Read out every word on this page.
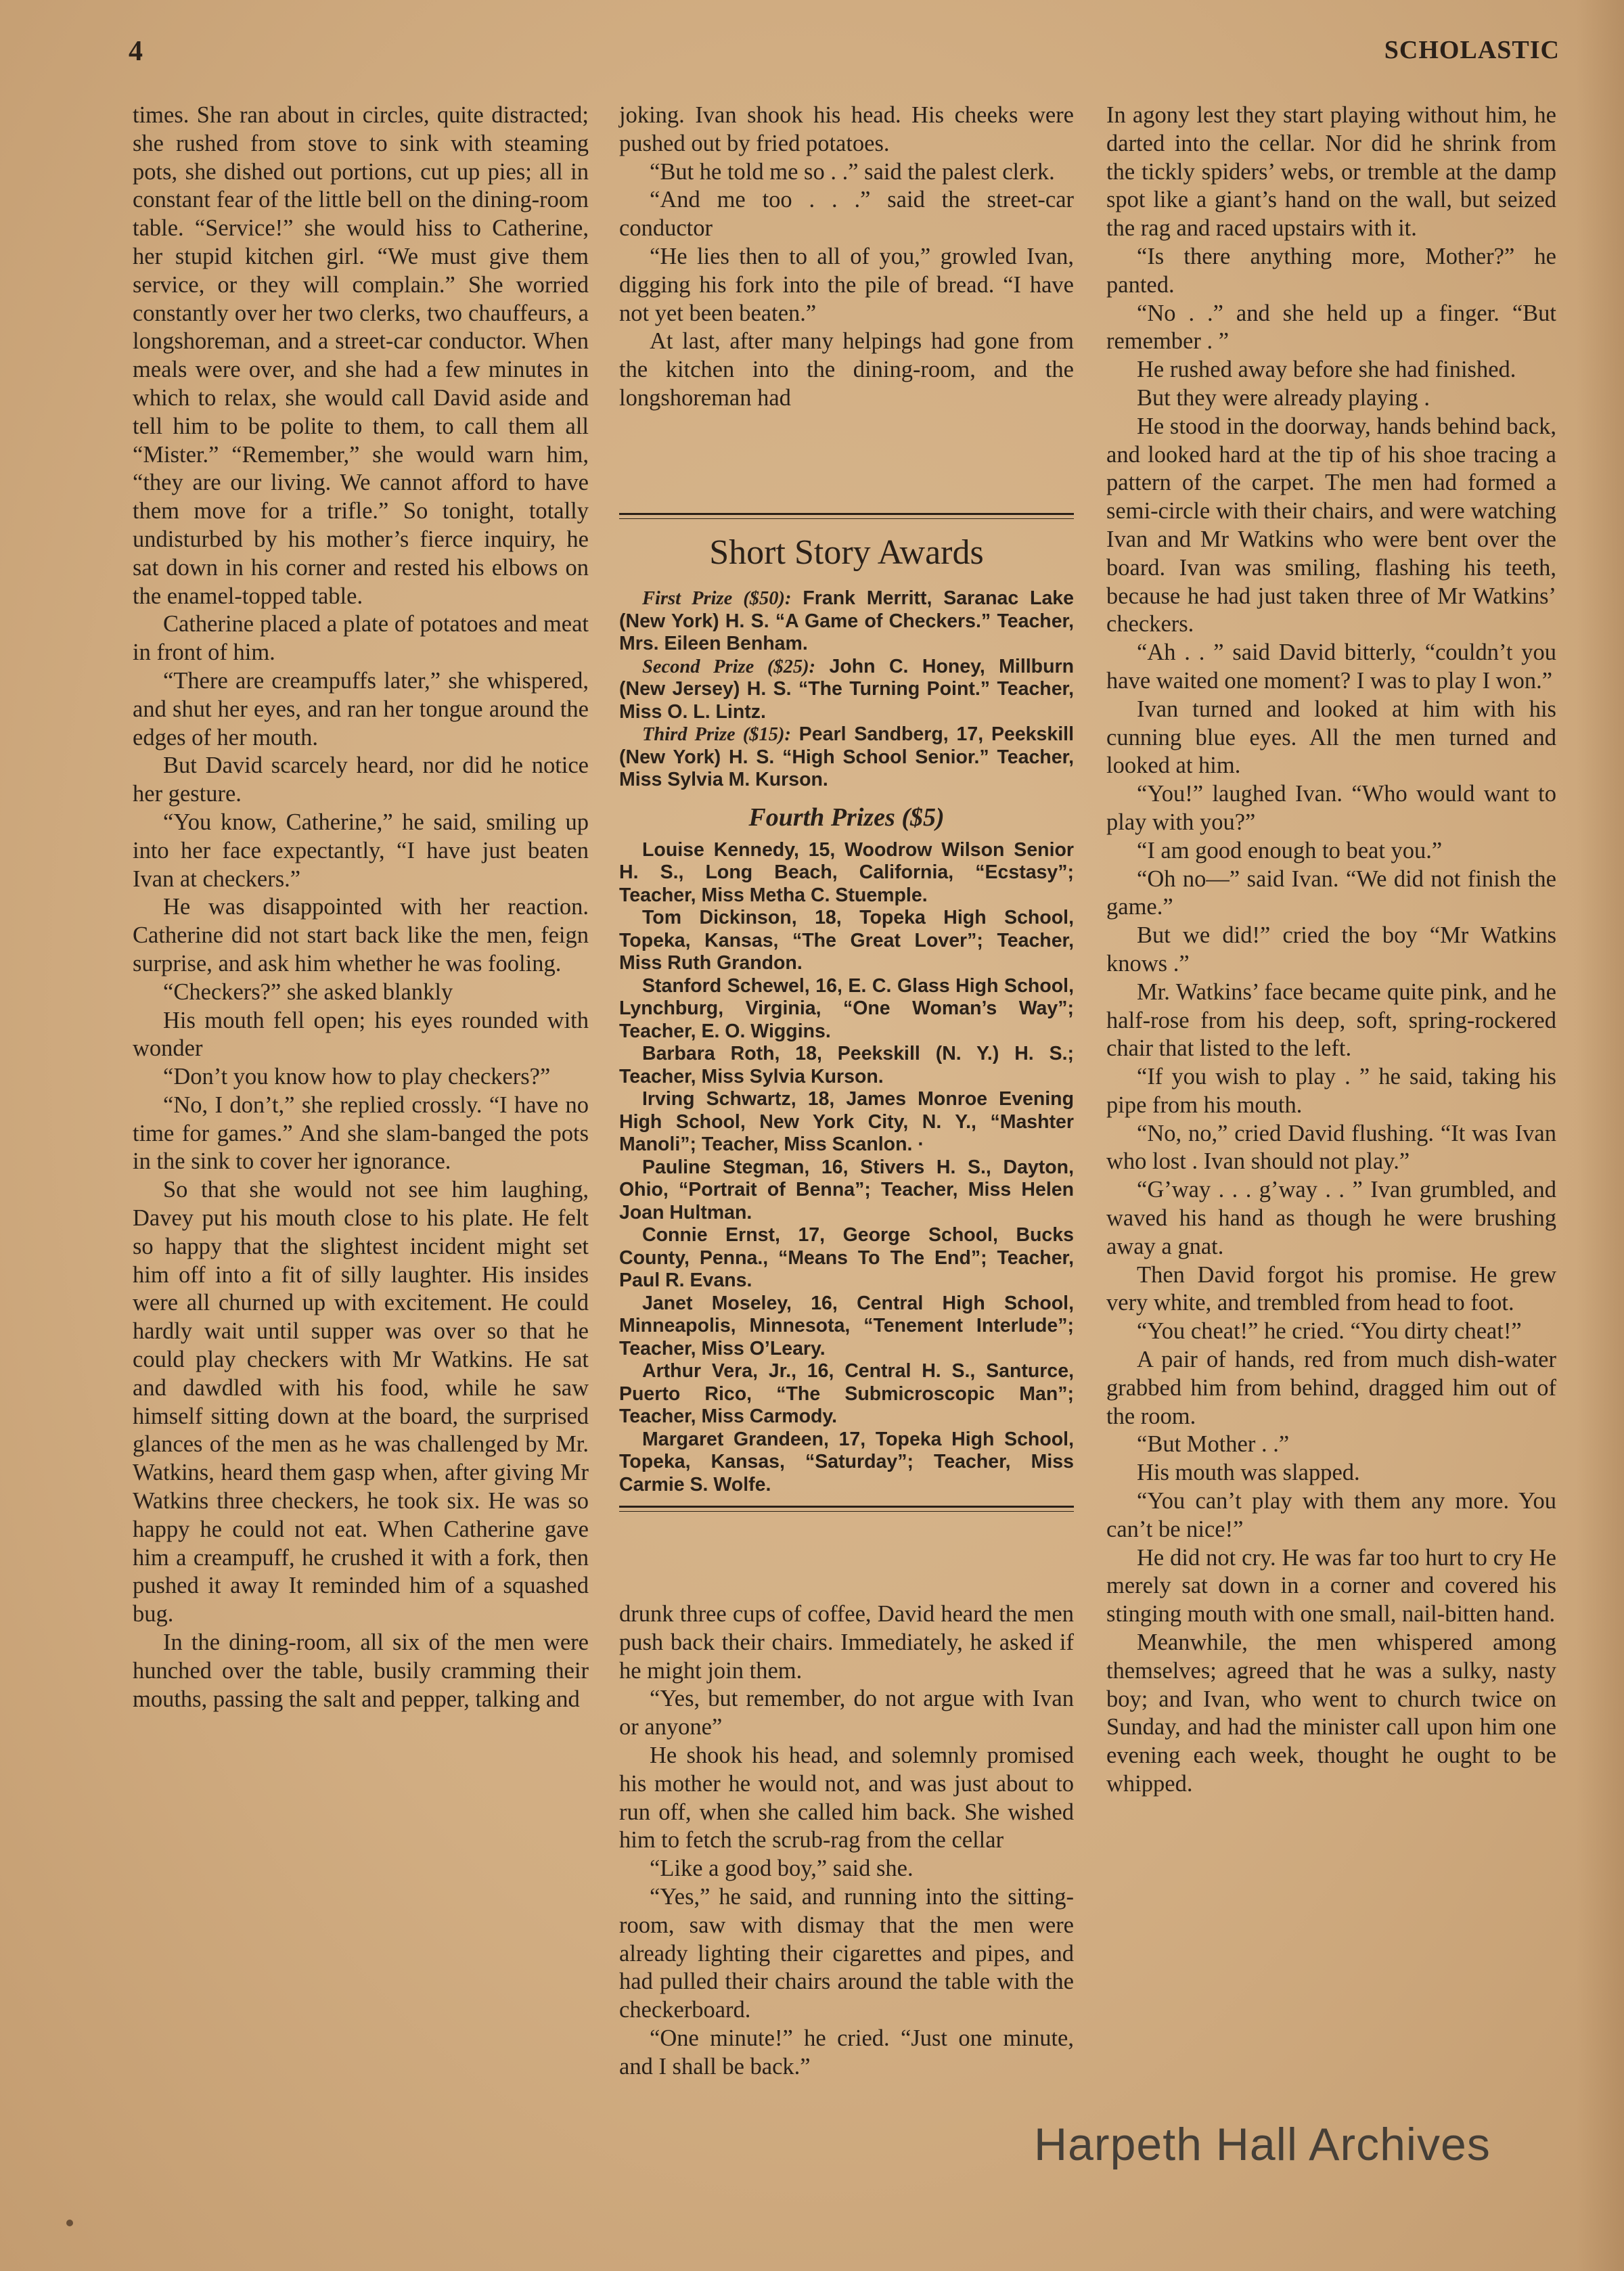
4	SCHOLASTIC

times. She ran about in circles, quite distracted; she rushed from stove to sink with steaming pots, she dished out portions, cut up pies; all in constant fear of the little bell on the dining-room table. “Service!” she would hiss to Catherine, her stupid kitchen girl. “We must give them service, or they will complain.” She worried constantly over her two clerks, two chauffeurs, a longshoreman, and a street-car conductor. When meals were over, and she had a few minutes in which to relax, she would call David aside and tell him to be polite to them, to call them all “Mister.” “Remember,” she would warn him, “they are our living. We cannot afford to have them move for a trifle.” So tonight, totally undisturbed by his mother’s fierce inquiry, he sat down in his corner and rested his elbows on the enamel-topped table.

Catherine placed a plate of potatoes and meat in front of him.

“There are creampuffs later,” she whispered, and shut her eyes, and ran her tongue around the edges of her mouth.

But David scarcely heard, nor did he notice her gesture.

“You know, Catherine,” he said, smiling up into her face expectantly, “I have just beaten Ivan at checkers.”

He was disappointed with her reaction. Catherine did not start back like the men, feign surprise, and ask him whether he was fooling.

“Checkers?” she asked blankly

His mouth fell open; his eyes rounded with wonder

“Don’t you know how to play checkers?”

“No, I don’t,” she replied crossly. “I have no time for games.” And she slam-banged the pots in the sink to cover her ignorance.

So that she would not see him laughing, Davey put his mouth close to his plate. He felt so happy that the slightest incident might set him off into a fit of silly laughter. His insides were all churned up with excitement. He could hardly wait until supper was over so that he could play checkers with Mr Watkins. He sat and dawdled with his food, while he saw himself sitting down at the board, the surprised glances of the men as he was challenged by Mr. Watkins, heard them gasp when, after giving Mr Watkins three checkers, he took six. He was so happy he could not eat. When Catherine gave him a creampuff, he crushed it with a fork, then pushed it away It reminded him of a squashed bug.

In the dining-room, all six of the men were hunched over the table, busily cramming their mouths, passing the salt and pepper, talking and

joking. Ivan shook his head. His cheeks were pushed out by fried potatoes.

“But he told me so . .” said the palest clerk.

“And me too . . .” said the street-car conductor

“He lies then to all of you,” growled Ivan, digging his fork into the pile of bread. “I have not yet been beaten.”

At last, after many helpings had gone from the kitchen into the dining-room, and the longshoreman had

Short Story Awards

First Prize ($50): Frank Merritt, Saranac Lake (New York) H. S. “A Game of Checkers.” Teacher, Mrs. Eileen Benham.

Second Prize ($25): John C. Honey, Millburn (New Jersey) H. S. “The Turning Point.” Teacher, Miss O. L. Lintz.

Third Prize ($15): Pearl Sandberg, 17, Peekskill (New York) H. S. “High School Senior.” Teacher, Miss Sylvia M. Kurson.

Fourth Prizes ($5)

Louise Kennedy, 15, Woodrow Wilson Senior H. S., Long Beach, California, “Ecstasy”; Teacher, Miss Metha C. Stuemple.

Tom Dickinson, 18, Topeka High School, Topeka, Kansas, “The Great Lover”; Teacher, Miss Ruth Grandon.

Stanford Schewel, 16, E. C. Glass High School, Lynchburg, Virginia, “One Woman’s Way”; Teacher, E. O. Wiggins.

Barbara Roth, 18, Peekskill (N. Y.) H. S.; Teacher, Miss Sylvia Kurson.

Irving Schwartz, 18, James Monroe Evening High School, New York City, N. Y., “Mashter Manoli”; Teacher, Miss Scanlon. ·

Pauline Stegman, 16, Stivers H. S., Dayton, Ohio, “Portrait of Benna”; Teacher, Miss Helen Joan Hultman.

Connie Ernst, 17, George School, Bucks County, Penna., “Means To The End”; Teacher, Paul R. Evans.

Janet Moseley, 16, Central High School, Minneapolis, Minnesota, “Tenement Interlude”; Teacher, Miss O’Leary.

Arthur Vera, Jr., 16, Central H. S., Santurce, Puerto Rico, “The Submicroscopic Man”; Teacher, Miss Carmody.

Margaret Grandeen, 17, Topeka High School, Topeka, Kansas, “Saturday”; Teacher, Miss Carmie S. Wolfe.

drunk three cups of coffee, David heard the men push back their chairs. Immediately, he asked if he might join them.

“Yes, but remember, do not argue with Ivan or anyone”

He shook his head, and solemnly promised his mother he would not, and was just about to run off, when she called him back. She wished him to fetch the scrub-rag from the cellar

“Like a good boy,” said she.

“Yes,” he said, and running into the sitting-room, saw with dismay that the men were already lighting their cigarettes and pipes, and had pulled their chairs around the table with the checkerboard.

“One minute!” he cried. “Just one minute, and I shall be back.”

In agony lest they start playing without him, he darted into the cellar. Nor did he shrink from the tickly spiders’ webs, or tremble at the damp spot like a giant’s hand on the wall, but seized the rag and raced upstairs with it.

“Is there anything more, Mother?” he panted.

“No . .” and she held up a finger. “But remember . ”

He rushed away before she had finished.

But they were already playing .

He stood in the doorway, hands behind back, and looked hard at the tip of his shoe tracing a pattern of the carpet. The men had formed a semi-circle with their chairs, and were watching Ivan and Mr Watkins who were bent over the board. Ivan was smiling, flashing his teeth, because he had just taken three of Mr Watkins’ checkers.

“Ah . . ” said David bitterly, “couldn’t you have waited one moment? I was to play I won.”

Ivan turned and looked at him with his cunning blue eyes. All the men turned and looked at him.

“You!” laughed Ivan. “Who would want to play with you?”

“I am good enough to beat you.”

“Oh no—” said Ivan. “We did not finish the game.”

But we did!” cried the boy “Mr Watkins knows .”

Mr. Watkins’ face became quite pink, and he half-rose from his deep, soft, spring-rockered chair that listed to the left.

“If you wish to play . ” he said, taking his pipe from his mouth.

“No, no,” cried David flushing. “It was Ivan who lost . Ivan should not play.”

“G’way . . . g’way . . ” Ivan grumbled, and waved his hand as though he were brushing away a gnat.

Then David forgot his promise. He grew very white, and trembled from head to foot.

“You cheat!” he cried. “You dirty cheat!”

A pair of hands, red from much dish-water grabbed him from behind, dragged him out of the room.

“But Mother . .”

His mouth was slapped.

“You can’t play with them any more. You can’t be nice!”

He did not cry. He was far too hurt to cry He merely sat down in a corner and covered his stinging mouth with one small, nail-bitten hand.

Meanwhile, the men whispered among themselves; agreed that he was a sulky, nasty boy; and Ivan, who went to church twice on Sunday, and had the minister call upon him one evening each week, thought he ought to be whipped.

Harpeth Hall Archives
